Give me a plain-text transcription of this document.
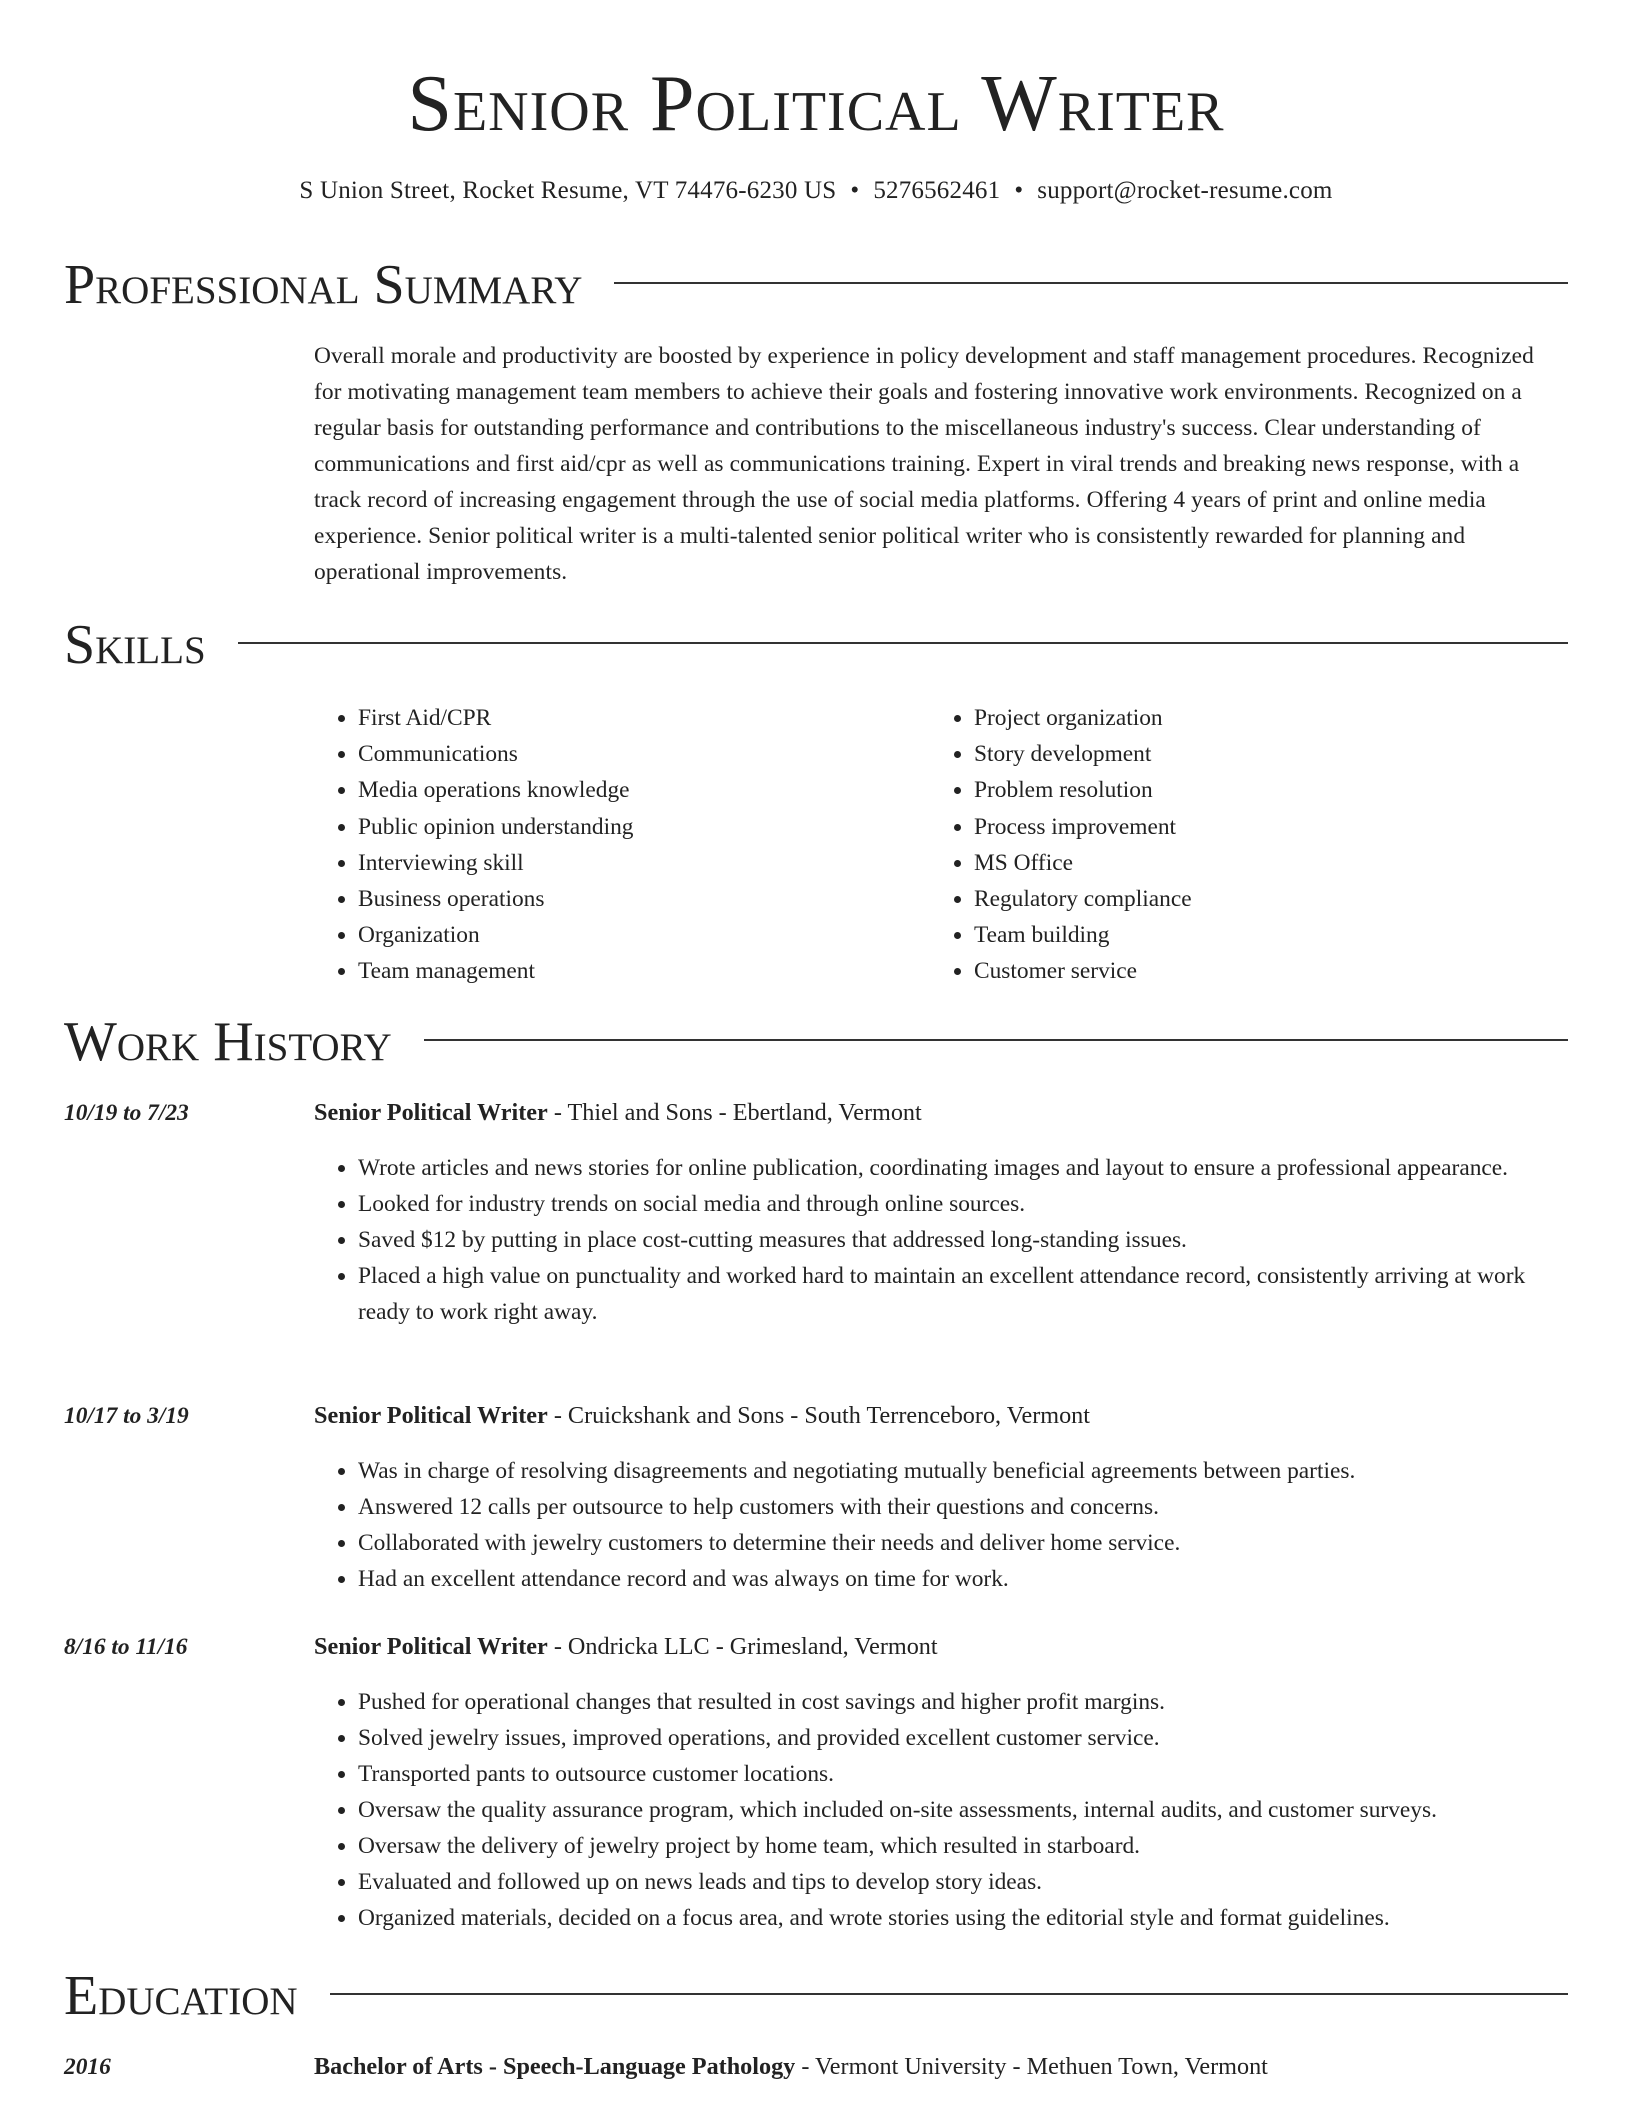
Senior Political Writer
S Union Street, Rocket Resume, VT 74476-6230 US • 5276562461 • support@rocket-resume.com
Professional Summary
Overall morale and productivity are boosted by experience in policy development and staff management procedures. Recognized for motivating management team members to achieve their goals and fostering innovative work environments. Recognized on a regular basis for outstanding performance and contributions to the miscellaneous industry's success. Clear understanding of communications and first aid/cpr as well as communications training. Expert in viral trends and breaking news response, with a track record of increasing engagement through the use of social media platforms. Offering 4 years of print and online media experience. Senior political writer is a multi-talented senior political writer who is consistently rewarded for planning and operational improvements.
Skills
• First Aid/CPR
• Communications
• Media operations knowledge
• Public opinion understanding
• Interviewing skill
• Business operations
• Organization
• Team management
• Project organization
• Story development
• Problem resolution
• Process improvement
• MS Office
• Regulatory compliance
• Team building
• Customer service
Work History
10/19 to 7/23	Senior Political Writer - Thiel and Sons - Ebertland, Vermont
• Wrote articles and news stories for online publication, coordinating images and layout to ensure a professional appearance.
• Looked for industry trends on social media and through online sources.
• Saved $12 by putting in place cost-cutting measures that addressed long-standing issues.
• Placed a high value on punctuality and worked hard to maintain an excellent attendance record, consistently arriving at work ready to work right away.
10/17 to 3/19	Senior Political Writer - Cruickshank and Sons - South Terrenceboro, Vermont
• Was in charge of resolving disagreements and negotiating mutually beneficial agreements between parties.
• Answered 12 calls per outsource to help customers with their questions and concerns.
• Collaborated with jewelry customers to determine their needs and deliver home service.
• Had an excellent attendance record and was always on time for work.
8/16 to 11/16	Senior Political Writer - Ondricka LLC - Grimesland, Vermont
• Pushed for operational changes that resulted in cost savings and higher profit margins.
• Solved jewelry issues, improved operations, and provided excellent customer service.
• Transported pants to outsource customer locations.
• Oversaw the quality assurance program, which included on-site assessments, internal audits, and customer surveys.
• Oversaw the delivery of jewelry project by home team, which resulted in starboard.
• Evaluated and followed up on news leads and tips to develop story ideas.
• Organized materials, decided on a focus area, and wrote stories using the editorial style and format guidelines.
Education
2016	Bachelor of Arts - Speech-Language Pathology - Vermont University - Methuen Town, Vermont
